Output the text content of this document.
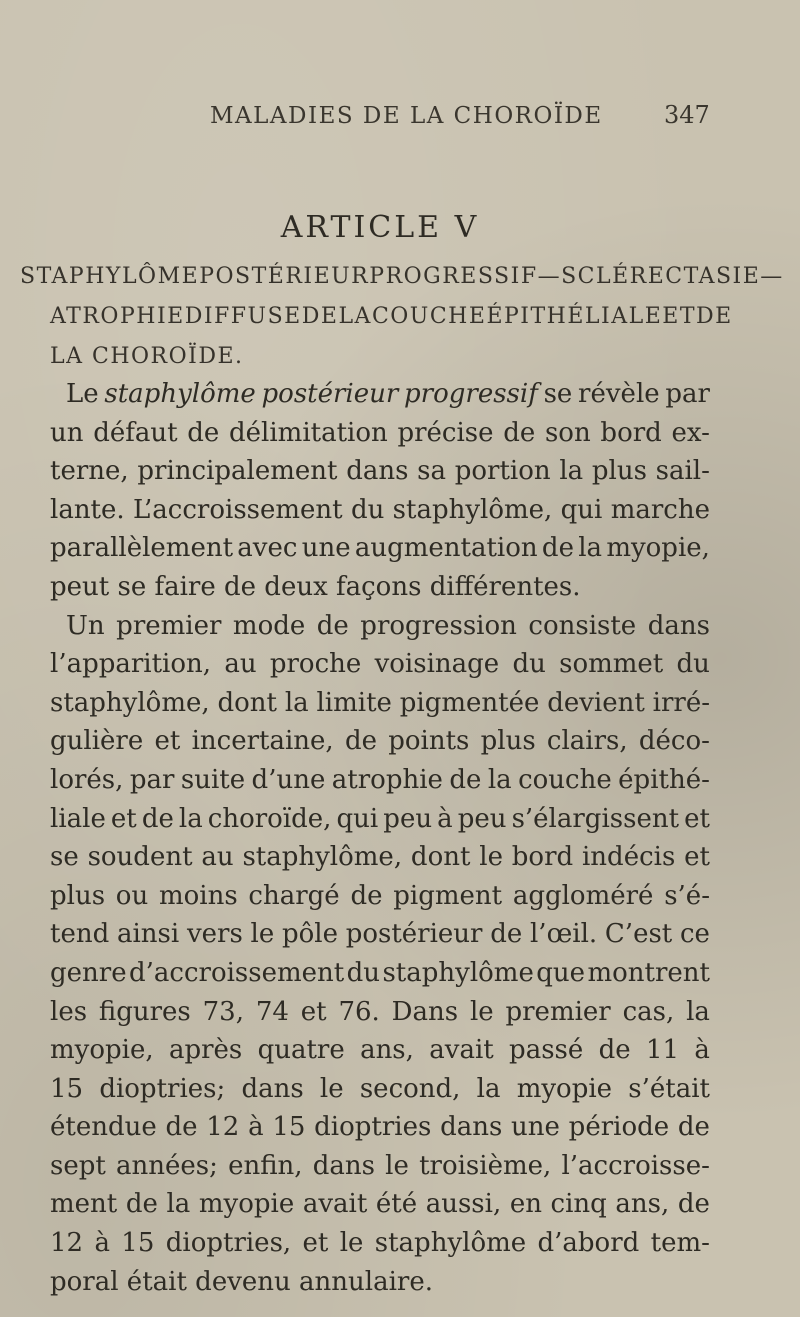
MALADIES DE LA CHOROÏDE	347
ARTICLE V
STAPHYLÔME POSTÉRIEUR PROGRESSIF — SCLÉRECTASIE —
ATROPHIE DIFFUSE DE LA COUCHE ÉPITHÉLIALE ET DE
LA CHOROÏDE.
Le staphylôme postérieur progressif se révèle par
un défaut de délimitation précise de son bord ex-
terne, principalement dans sa portion la plus sail-
lante. L’accroissement du staphylôme, qui marche
parallèlement avec une augmentation de la myopie,
peut se faire de deux façons différentes.
Un premier mode de progression consiste dans
l’apparition, au proche voisinage du sommet du
staphylôme, dont la limite pigmentée devient irré-
gulière et incertaine, de points plus clairs, déco-
lorés, par suite d’une atrophie de la couche épithé-
liale et de la choroïde, qui peu à peu s’élargissent et
se soudent au staphylôme, dont le bord indécis et
plus ou moins chargé de pigment aggloméré s’é-
tend ainsi vers le pôle postérieur de l’œil. C’est ce
genre d’accroissement du staphylôme que montrent
les figures 73, 74 et 76. Dans le premier cas, la
myopie, après quatre ans, avait passé de 11 à
15 dioptries; dans le second, la myopie s’était
étendue de 12 à 15 dioptries dans une période de
sept années; enfin, dans le troisième, l’accroisse-
ment de la myopie avait été aussi, en cinq ans, de
12 à 15 dioptries, et le staphylôme d’abord tem-
poral était devenu annulaire.
